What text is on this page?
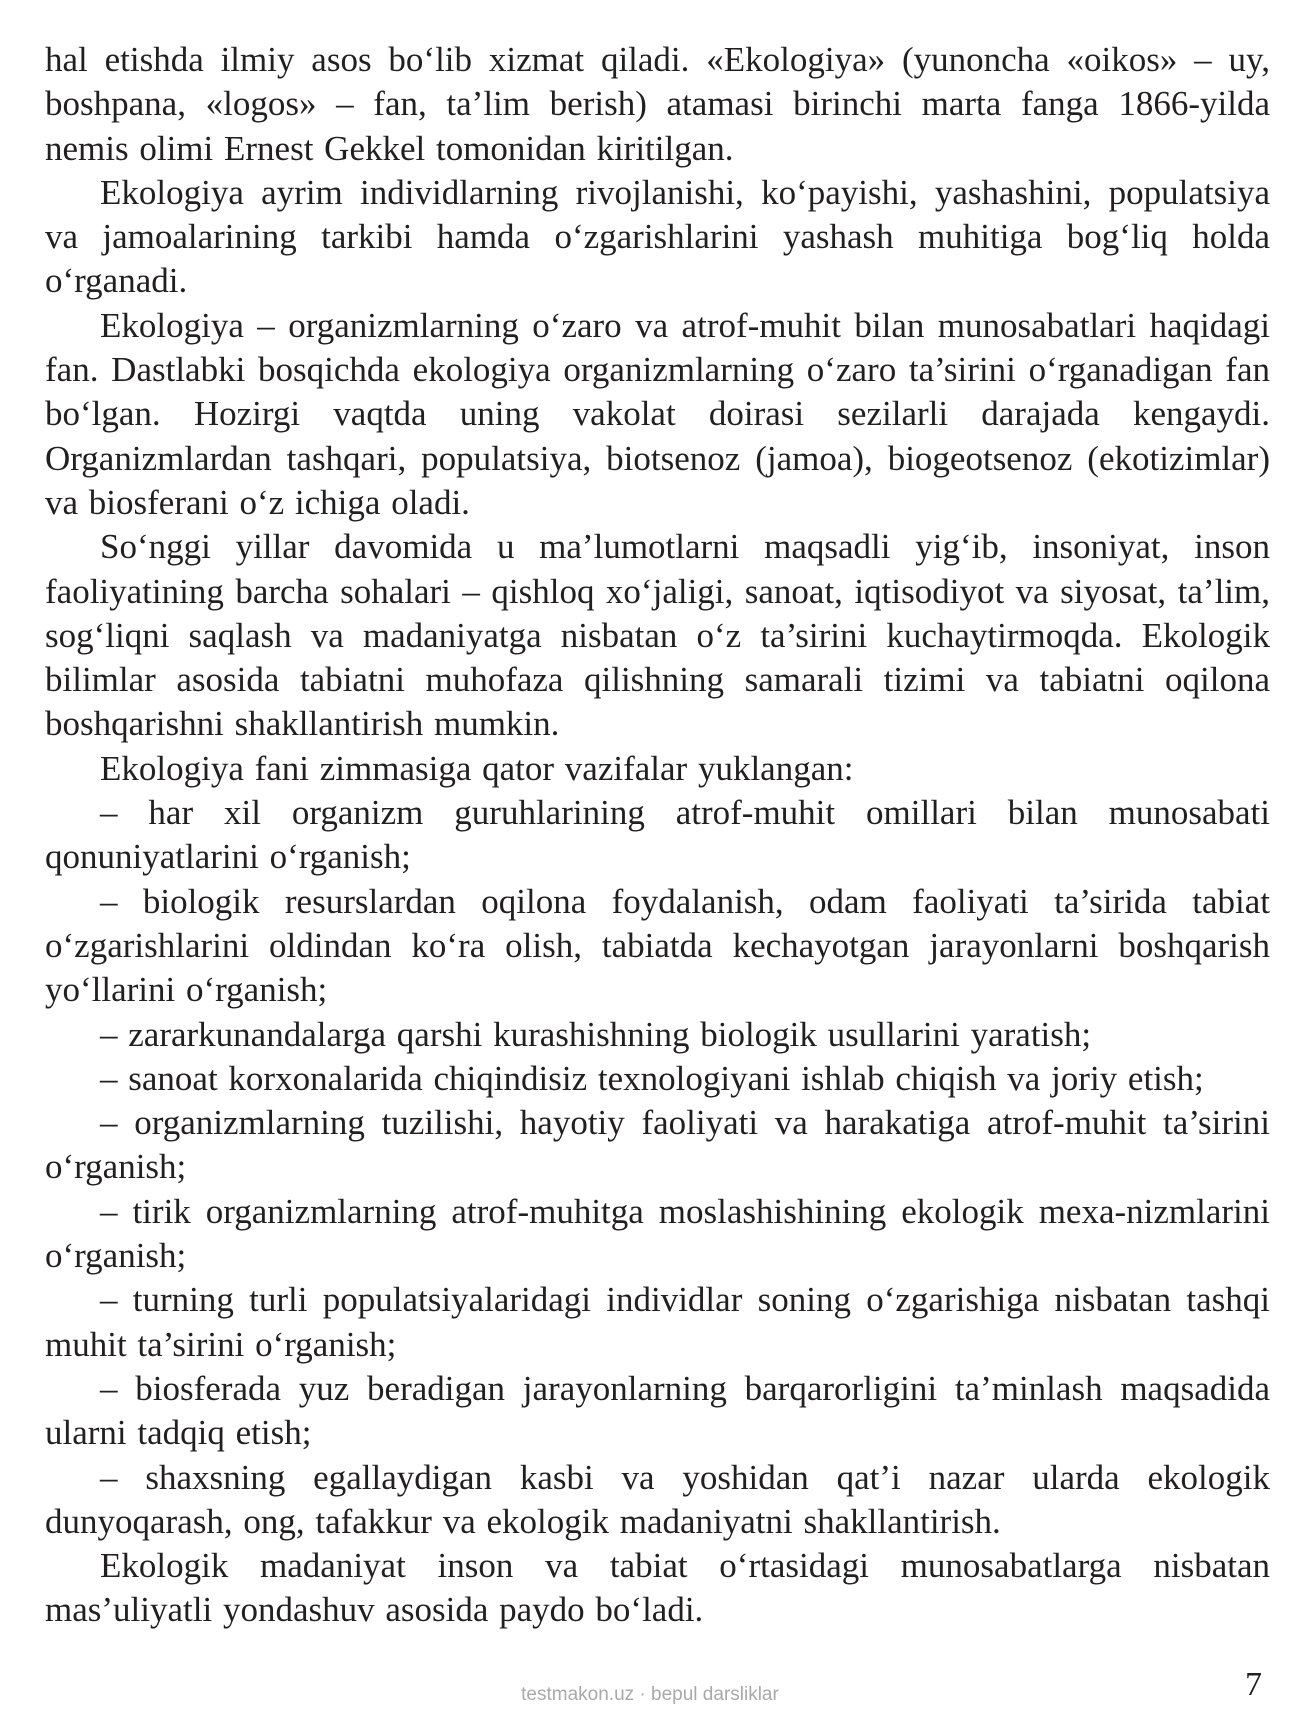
hal etishda ilmiy asos bo‘lib xizmat qiladi. «Ekologiya» (yunoncha «oikos» – uy, boshpana, «logos» – fan, ta’lim berish) atamasi birinchi marta fanga 1866-yilda nemis olimi Ernest Gekkel tomonidan kiritilgan.

Ekologiya ayrim individlarning rivojlanishi, ko‘payishi, yashashini, populatsiya va jamoalarining tarkibi hamda o‘zgarishlarini yashash muhitiga bog‘liq holda o‘rganadi.

Ekologiya – organizmlarning o‘zaro va atrof-muhit bilan munosabatlari haqidagi fan. Dastlabki bosqichda ekologiya organizmlarning o‘zaro ta’sirini o‘rganadigan fan bo‘lgan. Hozirgi vaqtda uning vakolat doirasi sezilarli darajada kengaydi. Organizmlardan tashqari, populatsiya, biotsenoz (jamoa), biogeotsenoz (ekotizimlar) va biosferani o‘z ichiga oladi.

So‘nggi yillar davomida u ma’lumotlarni maqsadli yig‘ib, insoniyat, inson faoliyatining barcha sohalari – qishloq xo‘jaligi, sanoat, iqtisodiyot va siyosat, ta’lim, sog‘liqni saqlash va madaniyatga nisbatan o‘z ta’sirini kuchaytirmoqda. Ekologik bilimlar asosida tabiatni muhofaza qilishning samarali tizimi va tabiatni oqilona boshqarishni shakllantirish mumkin.

Ekologiya fani zimmasiga qator vazifalar yuklangan:

– har xil organizm guruhlarining atrof-muhit omillari bilan munosabati qonuniyatlarini o‘rganish;

– biologik resurslardan oqilona foydalanish, odam faoliyati ta’sirida tabiat o‘zgarishlarini oldindan ko‘ra olish, tabiatda kechayotgan jarayonlarni boshqarish yo‘llarini o‘rganish;

– zararkunandalarga qarshi kurashishning biologik usullarini yaratish;

– sanoat korxonalarida chiqindisiz texnologiyani ishlab chiqish va joriy etish;

– organizmlarning tuzilishi, hayotiy faoliyati va harakatiga atrof-muhit ta’sirini o‘rganish;

– tirik organizmlarning atrof-muhitga moslashishining ekologik mexa-nizmlarini o‘rganish;

– turning turli populatsiyalaridagi individlar soning o‘zgarishiga nisbatan tashqi muhit ta’sirini o‘rganish;

– biosferada yuz beradigan jarayonlarning barqarorligini ta’minlash maqsadida ularni tadqiq etish;

– shaxsning egallaydigan kasbi va yoshidan qat’i nazar ularda ekologik dunyoqarash, ong, tafakkur va ekologik madaniyatni shakllantirish.

Ekologik madaniyat inson va tabiat o‘rtasidagi munosabatlarga nisbatan mas’uliyatli yondashuv asosida paydo bo‘ladi.

testmakon.uz · bepul darsliklar	7
